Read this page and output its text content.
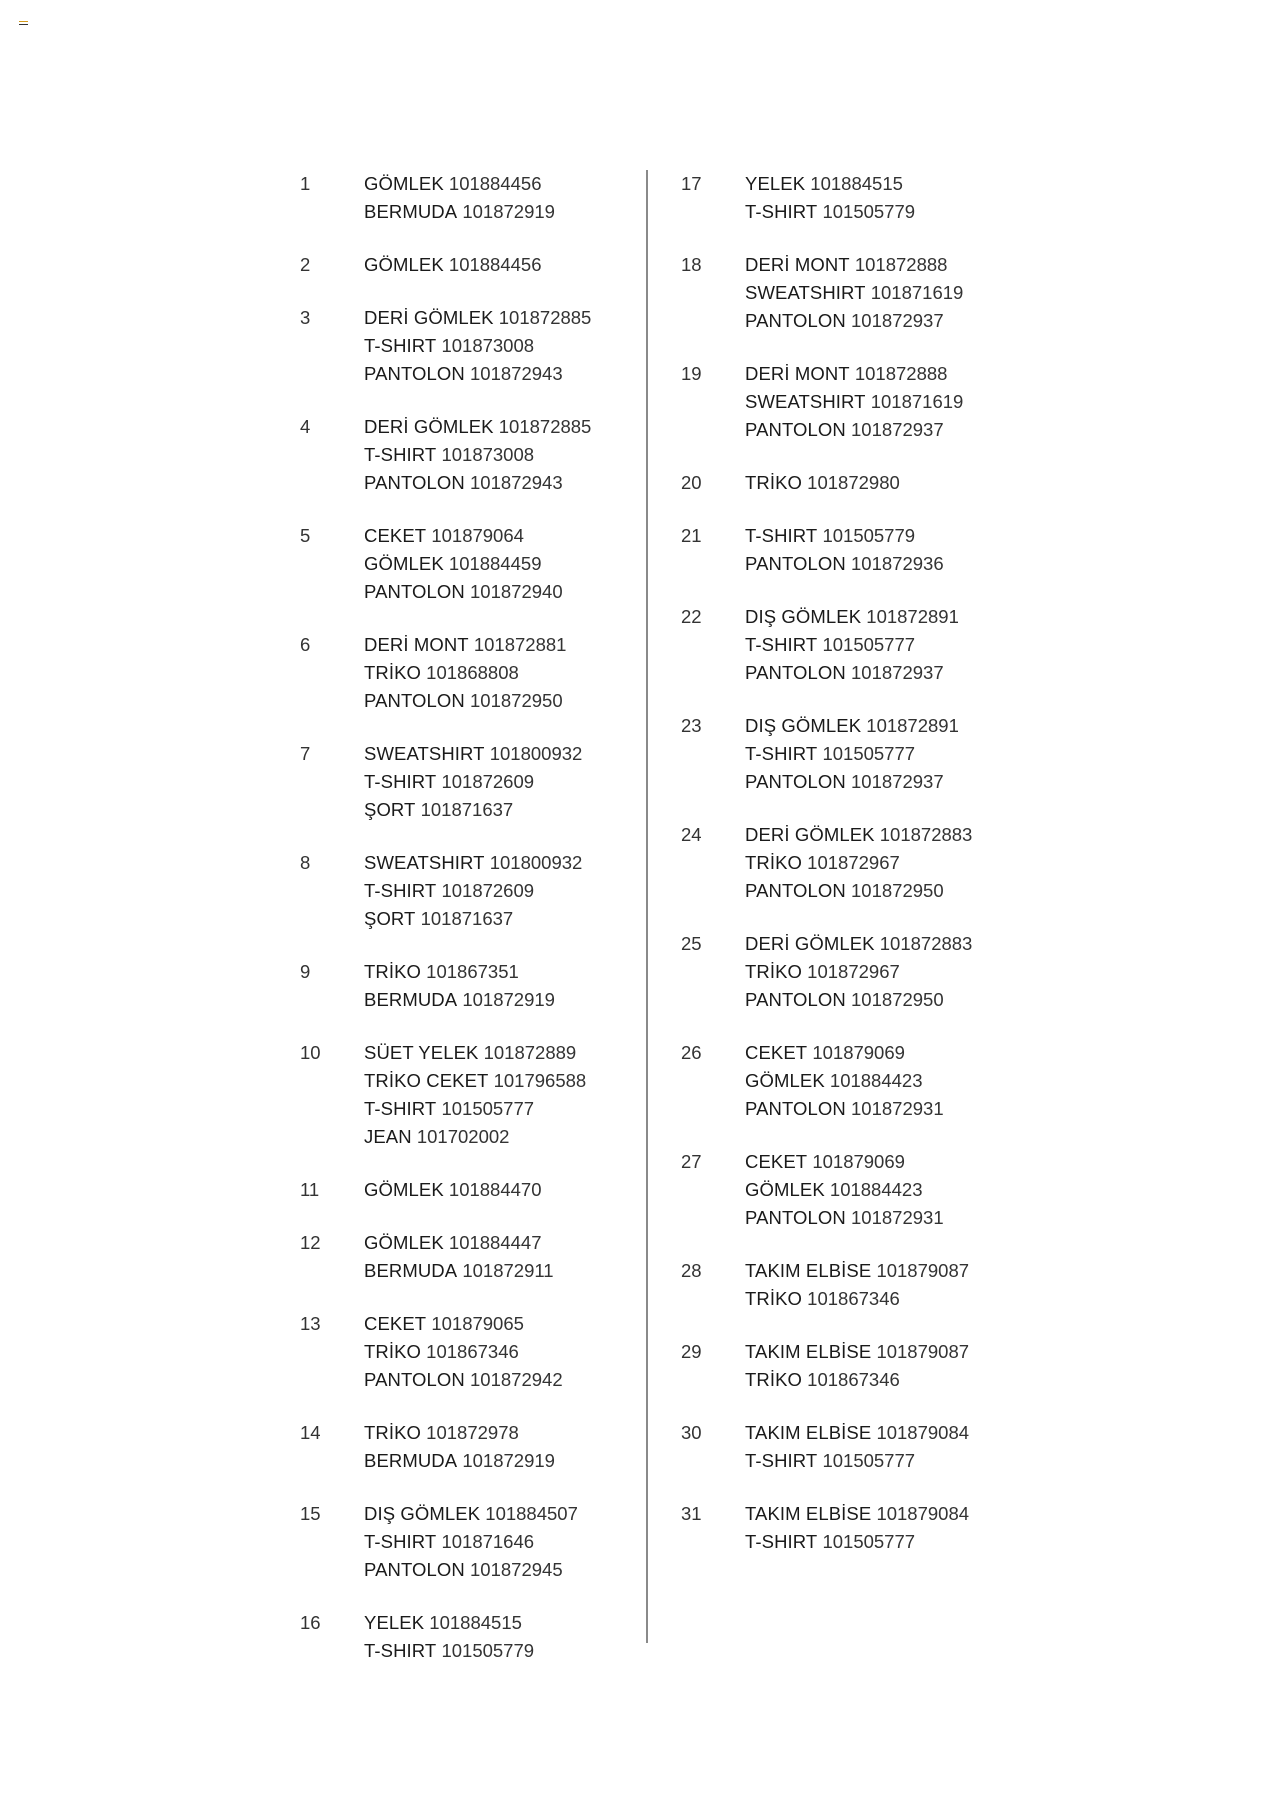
1	GÖMLEK 101884456
BERMUDA 101872919
2	GÖMLEK 101884456
3	DERİ GÖMLEK 101872885
T-SHIRT 101873008
PANTOLON 101872943
4	DERİ GÖMLEK 101872885
T-SHIRT 101873008
PANTOLON 101872943
5	CEKET 101879064
GÖMLEK 101884459
PANTOLON 101872940
6	DERİ MONT 101872881
TRİKO 101868808
PANTOLON 101872950
7	SWEATSHIRT 101800932
T-SHIRT 101872609
ŞORT 101871637
8	SWEATSHIRT 101800932
T-SHIRT 101872609
ŞORT 101871637
9	TRİKO 101867351
BERMUDA 101872919
10	SÜET YELEK 101872889
TRİKO CEKET 101796588
T-SHIRT 101505777
JEAN 101702002
11	GÖMLEK 101884470
12	GÖMLEK 101884447
BERMUDA 101872911
13	CEKET 101879065
TRİKO 101867346
PANTOLON 101872942
14	TRİKO 101872978
BERMUDA 101872919
15	DIŞ GÖMLEK 101884507
T-SHIRT 101871646
PANTOLON 101872945
16	YELEK 101884515
T-SHIRT 101505779
17	YELEK 101884515
T-SHIRT 101505779
18	DERİ MONT 101872888
SWEATSHIRT 101871619
PANTOLON 101872937
19	DERİ MONT 101872888
SWEATSHIRT 101871619
PANTOLON 101872937
20	TRİKO 101872980
21	T-SHIRT 101505779
PANTOLON 101872936
22	DIŞ GÖMLEK 101872891
T-SHIRT 101505777
PANTOLON 101872937
23	DIŞ GÖMLEK 101872891
T-SHIRT 101505777
PANTOLON 101872937
24	DERİ GÖMLEK 101872883
TRİKO 101872967
PANTOLON 101872950
25	DERİ GÖMLEK 101872883
TRİKO 101872967
PANTOLON 101872950
26	CEKET 101879069
GÖMLEK 101884423
PANTOLON 101872931
27	CEKET 101879069
GÖMLEK 101884423
PANTOLON 101872931
28	TAKIM ELBİSE 101879087
TRİKO 101867346
29	TAKIM ELBİSE 101879087
TRİKO 101867346
30	TAKIM ELBİSE 101879084
T-SHIRT 101505777
31	TAKIM ELBİSE 101879084
T-SHIRT 101505777
